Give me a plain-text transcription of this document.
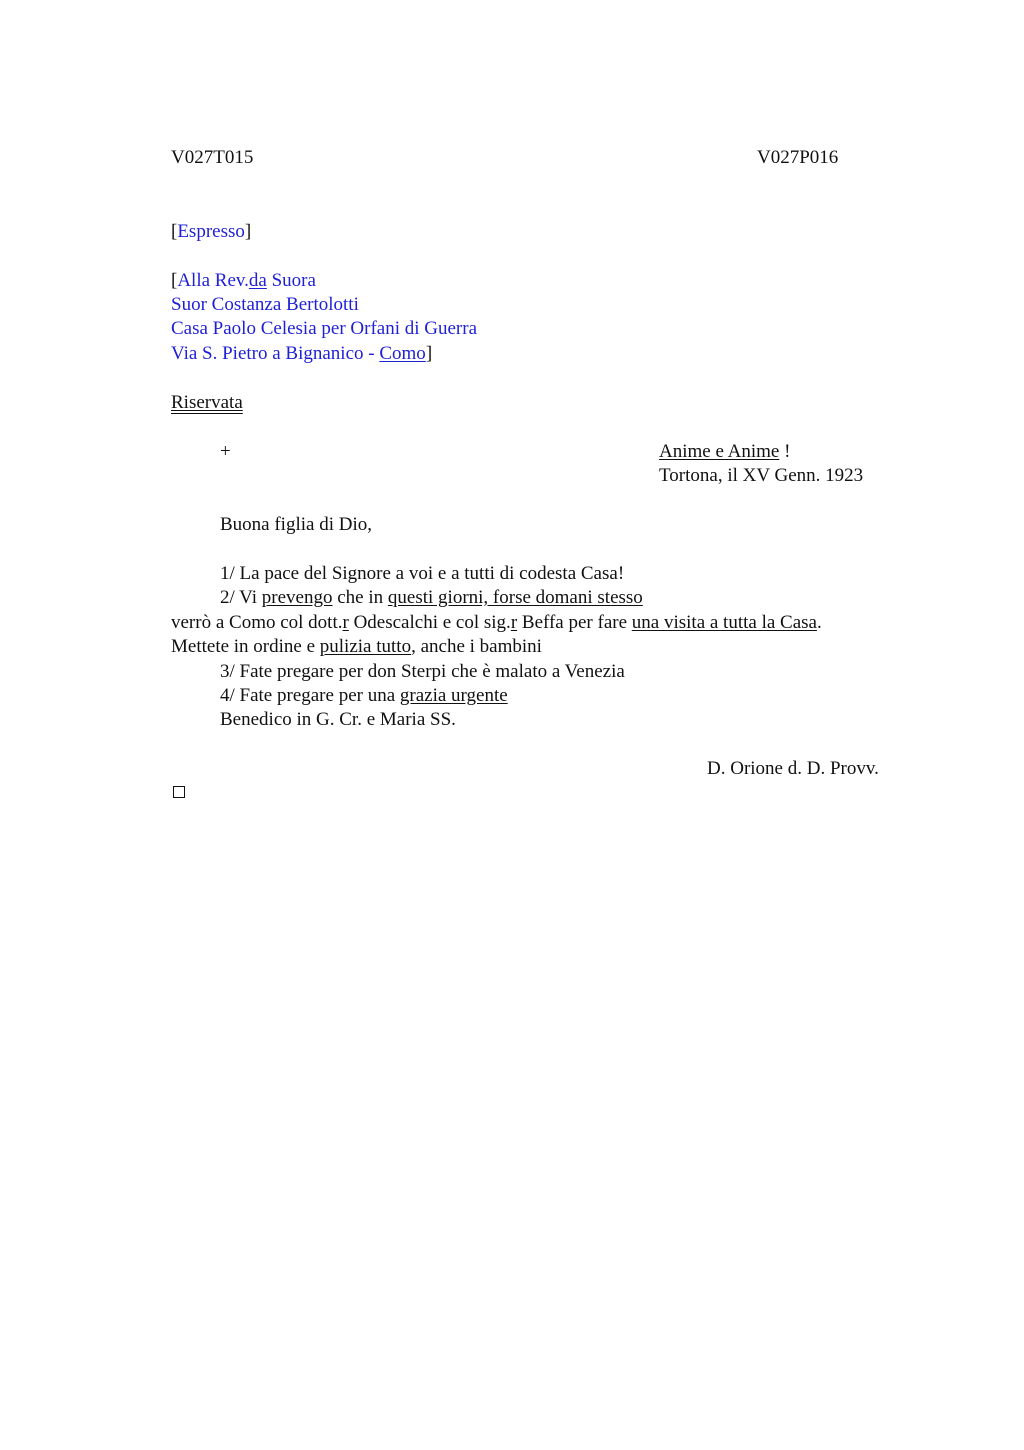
V027T015	V027P016
[Espresso]
[Alla Rev.da Suora
Suor Costanza Bertolotti
Casa Paolo Celesia per Orfani di Guerra
Via S. Pietro a Bignanico - Como]
Riservata
+	Anime e Anime !
Tortona, il XV Genn. 1923
Buona figlia di Dio,
1/ La pace del Signore a voi e a tutti di codesta Casa!
2/ Vi prevengo che in questi giorni, forse domani stesso
verrò a Como col dott.r Odescalchi e col sig.r Beffa per fare una visita a tutta la Casa.
Mettete in ordine e pulizia tutto, anche i bambini
3/ Fate pregare per don Sterpi che è malato a Venezia
4/ Fate pregare per una grazia urgente
Benedico in G. Cr. e Maria SS.
D. Orione d. D. Provv.
